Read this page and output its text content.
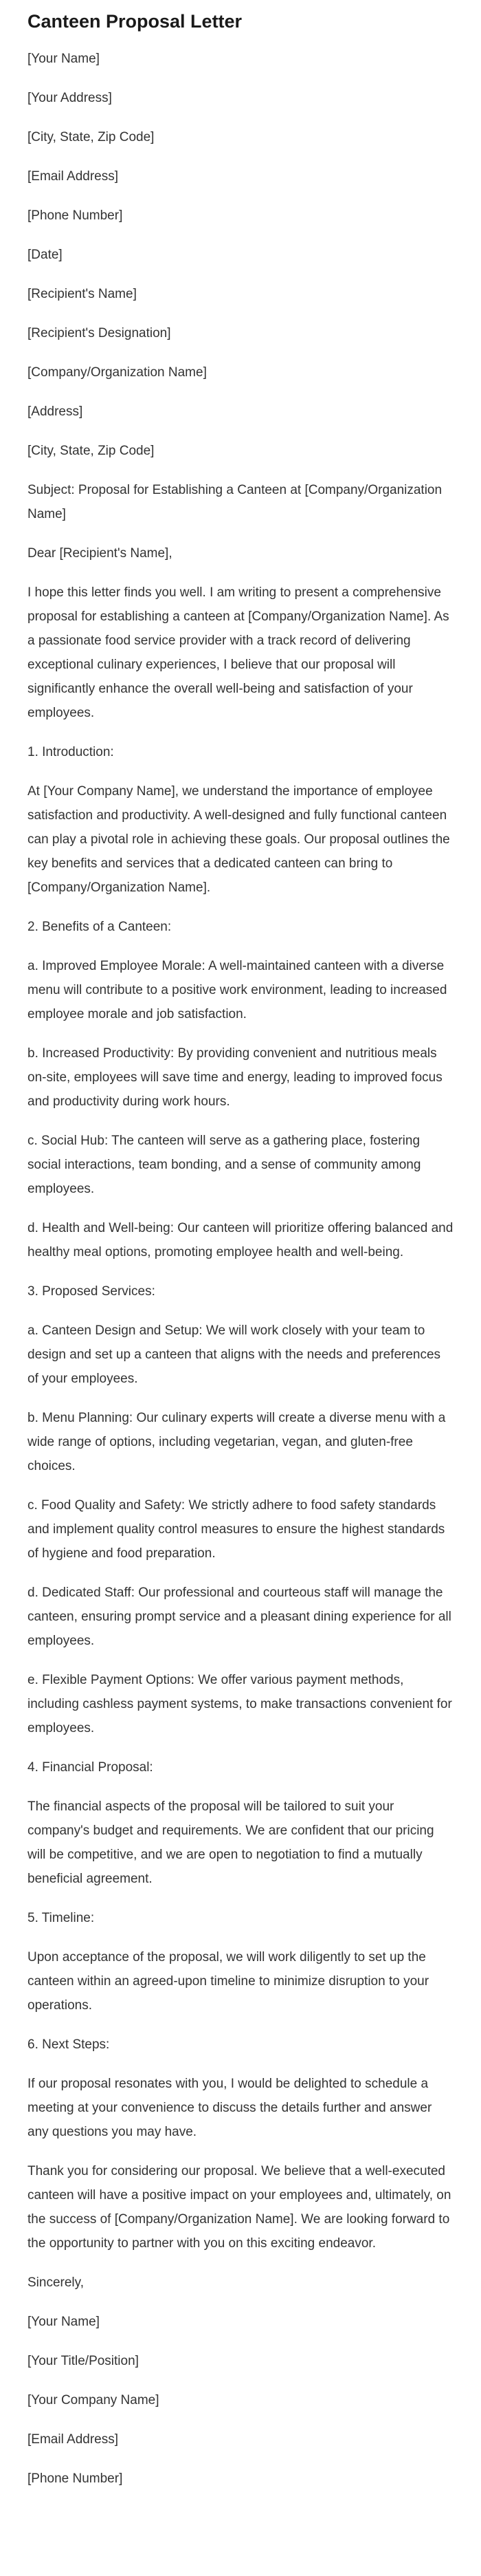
Canteen Proposal Letter

[Your Name]

[Your Address]

[City, State, Zip Code]

[Email Address]

[Phone Number]

[Date]

[Recipient's Name]

[Recipient's Designation]

[Company/Organization Name]

[Address]

[City, State, Zip Code]

Subject: Proposal for Establishing a Canteen at [Company/Organization Name]

Dear [Recipient's Name],

I hope this letter finds you well. I am writing to present a comprehensive proposal for establishing a canteen at [Company/Organization Name]. As a passionate food service provider with a track record of delivering exceptional culinary experiences, I believe that our proposal will significantly enhance the overall well-being and satisfaction of your employees.

1. Introduction:

At [Your Company Name], we understand the importance of employee satisfaction and productivity. A well-designed and fully functional canteen can play a pivotal role in achieving these goals. Our proposal outlines the key benefits and services that a dedicated canteen can bring to [Company/Organization Name].

2. Benefits of a Canteen:

a. Improved Employee Morale: A well-maintained canteen with a diverse menu will contribute to a positive work environment, leading to increased employee morale and job satisfaction.

b. Increased Productivity: By providing convenient and nutritious meals on-site, employees will save time and energy, leading to improved focus and productivity during work hours.

c. Social Hub: The canteen will serve as a gathering place, fostering social interactions, team bonding, and a sense of community among employees.

d. Health and Well-being: Our canteen will prioritize offering balanced and healthy meal options, promoting employee health and well-being.

3. Proposed Services:

a. Canteen Design and Setup: We will work closely with your team to design and set up a canteen that aligns with the needs and preferences of your employees.

b. Menu Planning: Our culinary experts will create a diverse menu with a wide range of options, including vegetarian, vegan, and gluten-free choices.

c. Food Quality and Safety: We strictly adhere to food safety standards and implement quality control measures to ensure the highest standards of hygiene and food preparation.

d. Dedicated Staff: Our professional and courteous staff will manage the canteen, ensuring prompt service and a pleasant dining experience for all employees.

e. Flexible Payment Options: We offer various payment methods, including cashless payment systems, to make transactions convenient for employees.

4. Financial Proposal:

The financial aspects of the proposal will be tailored to suit your company's budget and requirements. We are confident that our pricing will be competitive, and we are open to negotiation to find a mutually beneficial agreement.

5. Timeline:

Upon acceptance of the proposal, we will work diligently to set up the canteen within an agreed-upon timeline to minimize disruption to your operations.

6. Next Steps:

If our proposal resonates with you, I would be delighted to schedule a meeting at your convenience to discuss the details further and answer any questions you may have.

Thank you for considering our proposal. We believe that a well-executed canteen will have a positive impact on your employees and, ultimately, on the success of [Company/Organization Name]. We are looking forward to the opportunity to partner with you on this exciting endeavor.

Sincerely,

[Your Name]

[Your Title/Position]

[Your Company Name]

[Email Address]

[Phone Number]
